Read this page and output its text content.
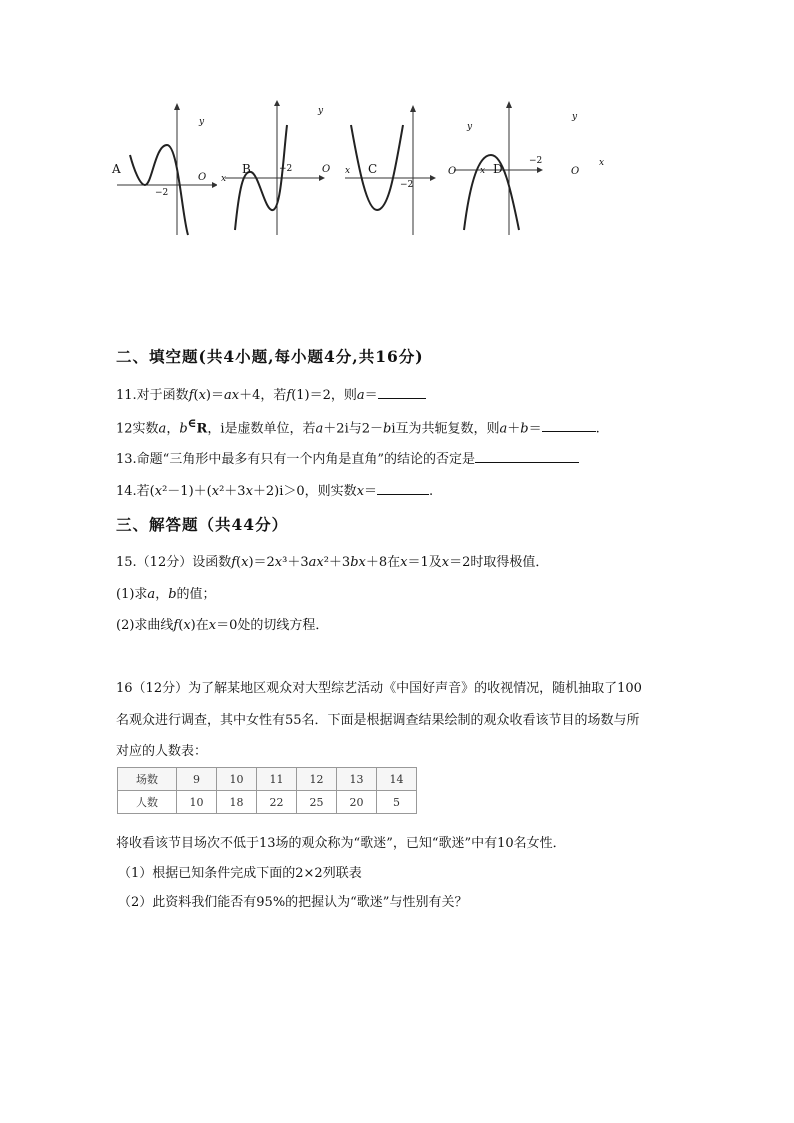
A

y
x
O
−2
B

y
x
O
−2	C

y
x
O
−2
D
y
x
O
−2
二、填空题(共4小题,每小题4分,共16分)
11.对于函数f(x)＝ax＋4，若f(1)＝2，则a＝
12实数a，b∈R，i是虚数单位，若a＋2i与2－bi互为共轭复数，则a＋b＝	.
13.命题“三角形中最多有只有一个内角是直角”的结论的否定是
14.若(x²－1)＋(x²＋3x＋2)i＞0，则实数x＝	.
三、解答题（共44分）
15.（12分）设函数f(x)＝2x³＋3ax²＋3bx＋8在x＝1及x＝2时取得极值．
(1)求a，b的值；
(2)求曲线f(x)在x＝0处的切线方程．
16（12分）为了解某地区观众对大型综艺活动《中国好声音》的收视情况，随机抽取了100
名观众进行调查，其中女性有55名．下面是根据调查结果绘制的观众收看该节目的场数与所
对应的人数表：
场数	9	10	11	12	13	14
人数	10	18	22	25	20	5
将收看该节目场次不低于13场的观众称为“歌迷”，已知“歌迷”中有10名女性．
（1）根据已知条件完成下面的2×2列联表
（2）此资料我们能否有95%的把握认为“歌迷”与性别有关？
